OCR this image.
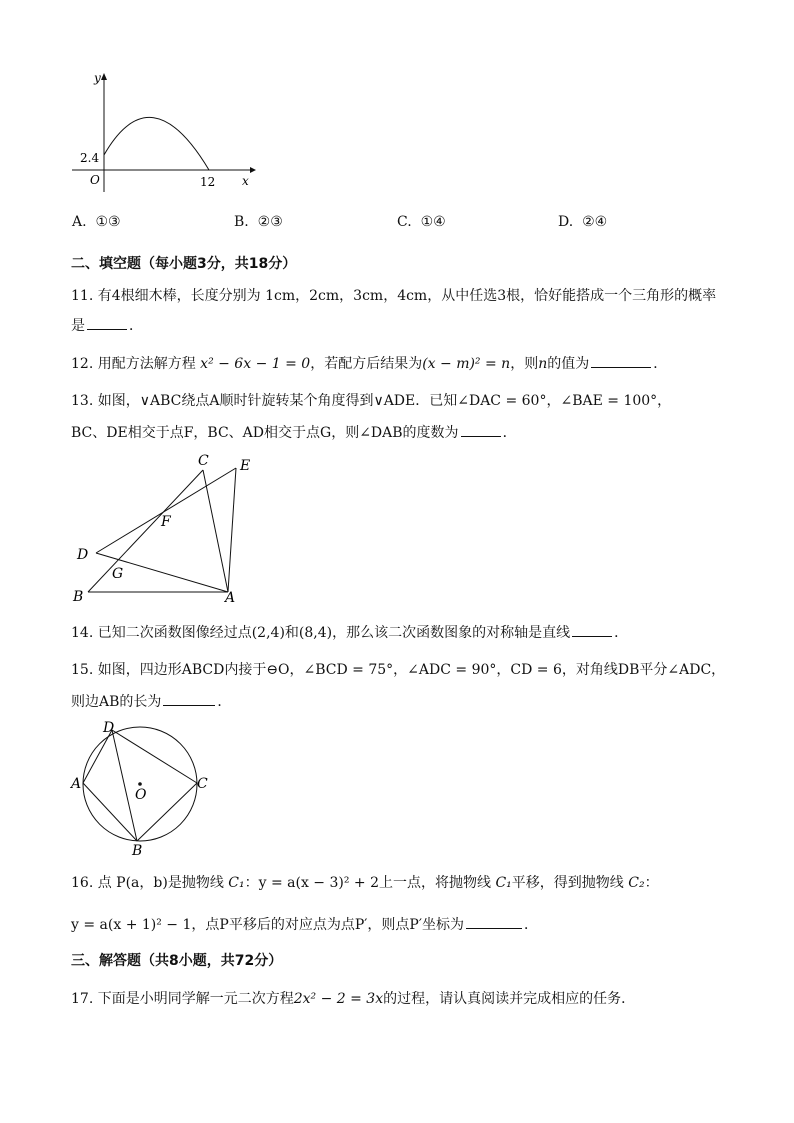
y
x
O
2.4
12
A. ①③	B. ②③	C. ①④	D. ②④
二、填空题（每小题3分，共18分）
11. 有4根细木棒，长度分别为 1cm，2cm，3cm，4cm，从中任选3根，恰好能搭成一个三角形的概率
是	．
12. 用配方法解方程 x² − 6x − 1 = 0，若配方后结果为(x − m)² = n，则n的值为	．
13. 如图，∨ABC绕点A顺时针旋转某个角度得到∨ADE．已知∠DAC = 60°，∠BAE = 100°，
BC、DE相交于点F，BC、AD相交于点G，则∠DAB的度数为	．
C E
F
D
G
B	A
14. 已知二次函数图像经过点(2,4)和(8,4)，那么该二次函数图象的对称轴是直线	．
15. 如图，四边形ABCD内接于⊖O，∠BCD = 75°，∠ADC = 90°，CD = 6，对角线DB平分∠ADC，
则边AB的长为	．
D
A	C
O
B
16. 点 P(a，b)是抛物线 C₁：y = a(x − 3)² + 2上一点，将抛物线 C₁平移，得到抛物线 C₂：
y = a(x + 1)² − 1，点P平移后的对应点为点P′，则点P′坐标为	．
三、解答题（共8小题，共72分）
17. 下面是小明同学解一元二次方程2x² − 2 = 3x的过程，请认真阅读并完成相应的任务．
